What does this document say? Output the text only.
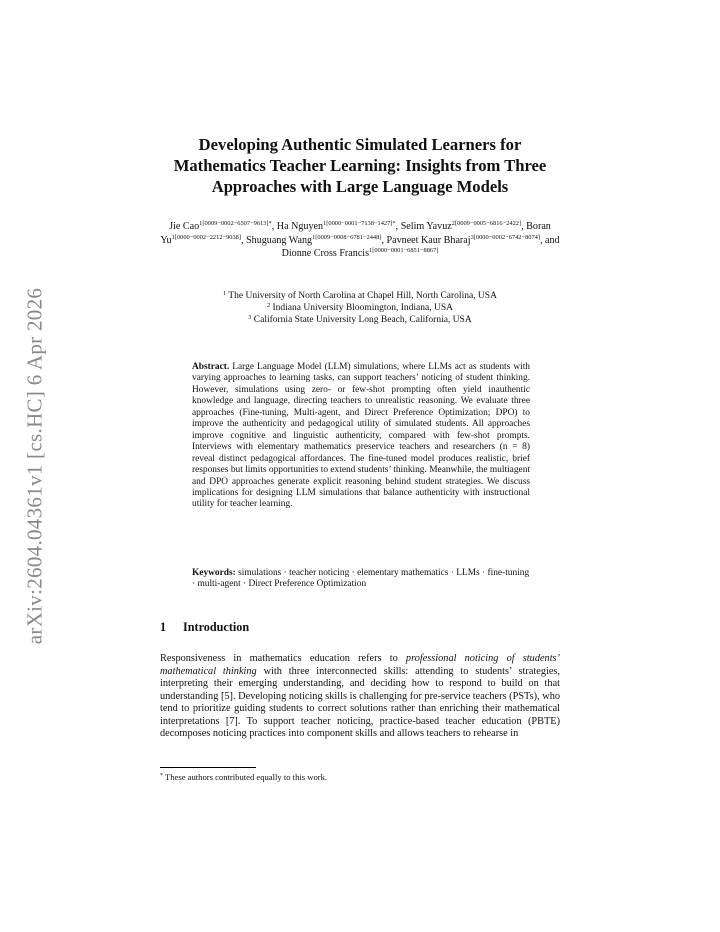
arXiv:2604.04361v1 [cs.HC] 6 Apr 2026
Developing Authentic Simulated Learners for Mathematics Teacher Learning: Insights from Three Approaches with Large Language Models
Jie Cao$^{1[0009-0002-6507-9613]*}$, Ha Nguyen$^{1[0000-0001-7138-1427]*}$, Selim Yavuz$^{2[0009-0005-6816-2422]}$, Boran $Yu^{1[0000-0002-2212-9038]}$, Shuguang Wang$^{1[0009-0008-6781-2448]}$, Pavneet Kaur Bharaj$^{3[0000-0002-6742-8074]}$, and Dionne Cross Francis$^{1[0000-0001-6851-8867]}$
$^1$ The University of North Carolina at Chapel Hill, North Carolina, USA
$^2$ Indiana University Bloomington, Indiana, USA
$^3$ California State University Long Beach, California, USA
Abstract. Large Language Model (LLM) simulations, where LLMs act as students with varying approaches to learning tasks, can support teachers’ noticing of student thinking. However, simulations using zero- or few-shot prompting often yield inauthentic knowledge and language, directing teachers to unrealistic reasoning. We evaluate three approaches (Fine-tuning, Multi-agent, and Direct Preference Optimization; DPO) to improve the authenticity and pedagogical utility of simulated students. All approaches improve cognitive and linguistic authenticity, compared with few-shot prompts. Interviews with elementary mathematics preservice teachers and researchers (n = 8) reveal distinct pedagogical affordances. The fine-tuned model produces realistic, brief responses but limits opportunities to extend students’ thinking. Meanwhile, the multiagent and DPO approaches generate explicit reasoning behind student strategies. We discuss implications for designing LLM simulations that balance authenticity with instructional utility for teacher learning.
Keywords: simulations · teacher noticing · elementary mathematics · LLMs · fine-tuning · multi-agent · Direct Preference Optimization
1 Introduction
Responsiveness in mathematics education refers to professional noticing of students’ mathematical thinking with three interconnected skills: attending to students’ strategies, interpreting their emerging understanding, and deciding how to respond to build on that understanding [5]. Developing noticing skills is challenging for pre-service teachers (PSTs), who tend to prioritize guiding students to correct solutions rather than enriching their mathematical interpretations [7]. To support teacher noticing, practice-based teacher education (PBTE) decomposes noticing practices into component skills and allows teachers to rehearse in
* These authors contributed equally to this work.
